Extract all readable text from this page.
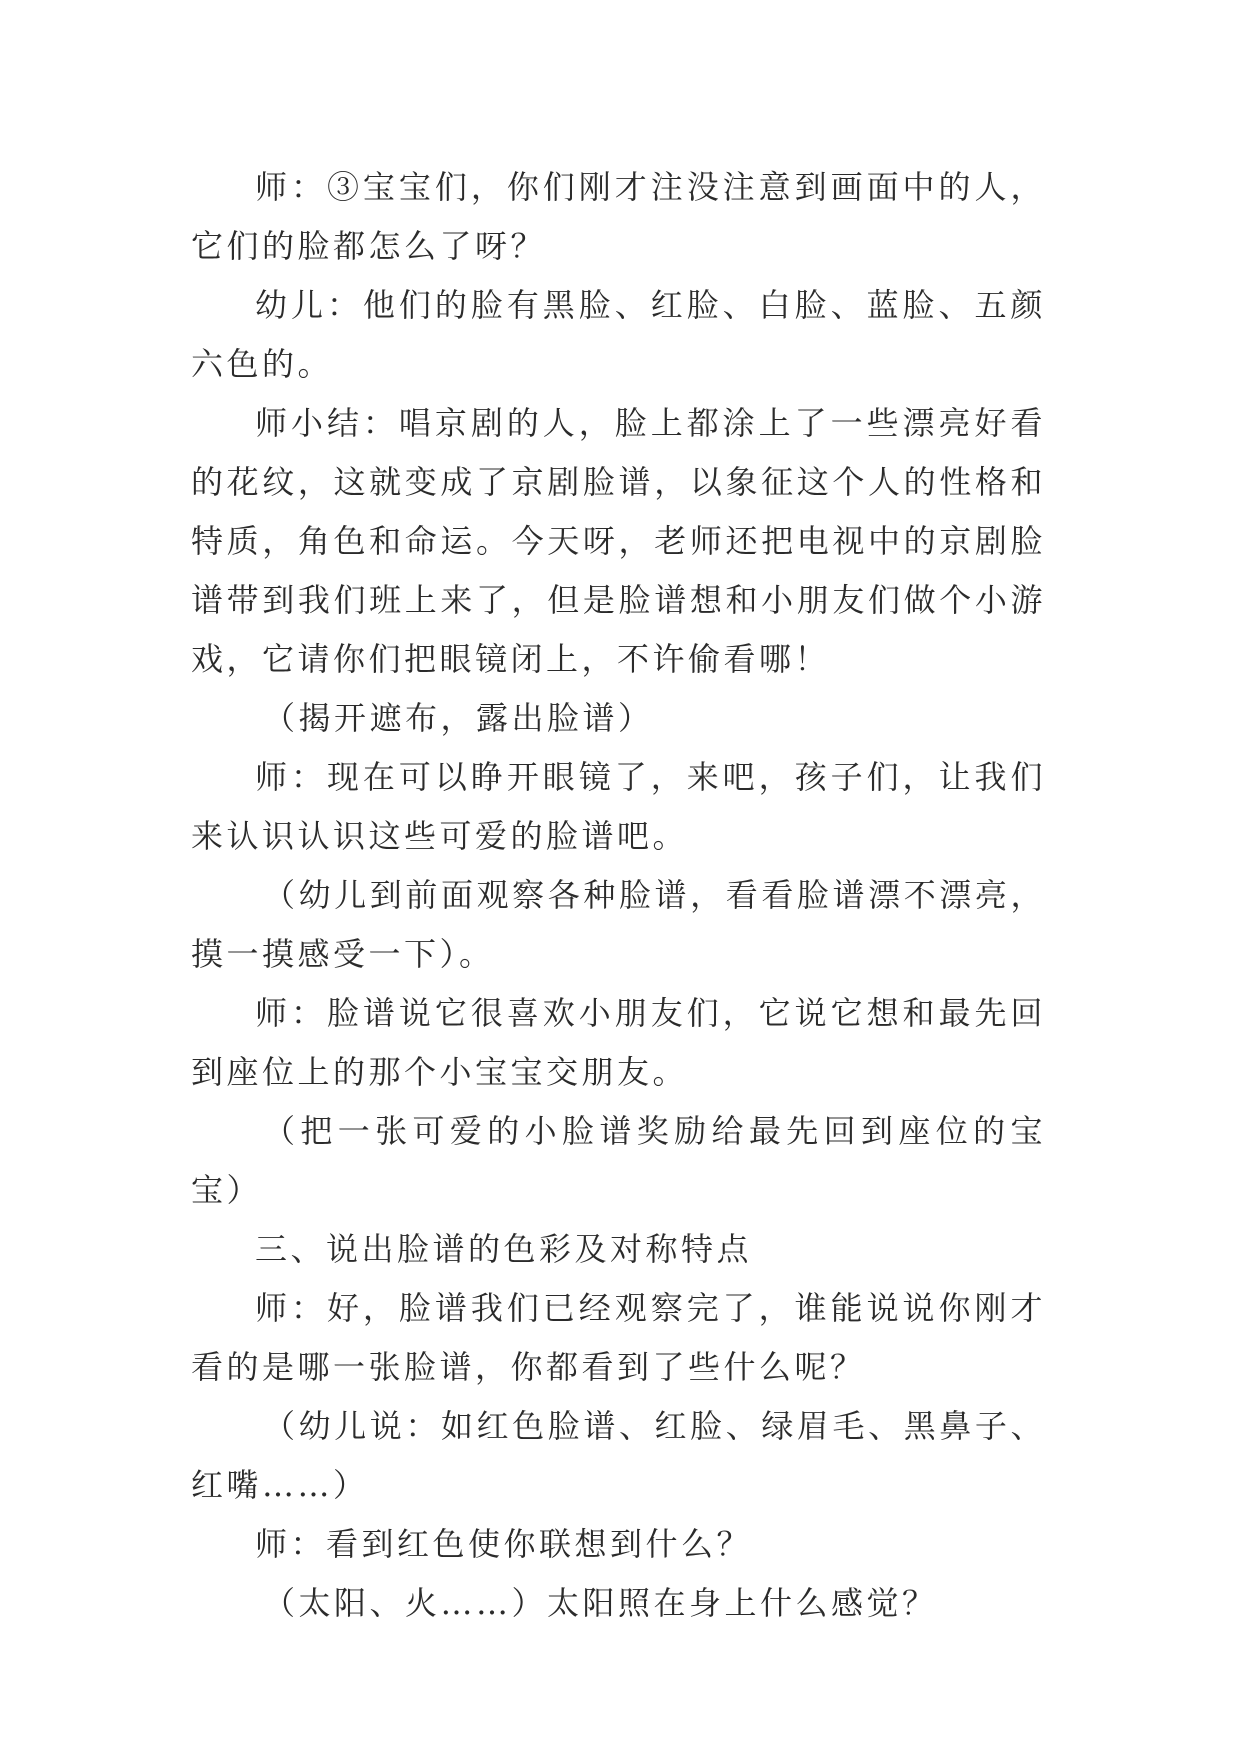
师：③宝宝们，你们刚才注没注意到画面中的人，它们的脸都怎么了呀？

幼儿：他们的脸有黑脸、红脸、白脸、蓝脸、五颜六色的。

师小结：唱京剧的人，脸上都涂上了一些漂亮好看的花纹，这就变成了京剧脸谱，以象征这个人的性格和特质，角色和命运。今天呀，老师还把电视中的京剧脸谱带到我们班上来了，但是脸谱想和小朋友们做个小游戏，它请你们把眼镜闭上，不许偷看哪！

（揭开遮布，露出脸谱）

师：现在可以睁开眼镜了，来吧，孩子们，让我们来认识认识这些可爱的脸谱吧。

（幼儿到前面观察各种脸谱，看看脸谱漂不漂亮，摸一摸感受一下）。

师：脸谱说它很喜欢小朋友们，它说它想和最先回到座位上的那个小宝宝交朋友。

（把一张可爱的小脸谱奖励给最先回到座位的宝宝）

三、说出脸谱的色彩及对称特点

师：好，脸谱我们已经观察完了，谁能说说你刚才看的是哪一张脸谱，你都看到了些什么呢？

（幼儿说：如红色脸谱、红脸、绿眉毛、黑鼻子、红嘴……）

师：看到红色使你联想到什么？

（太阳、火……）太阳照在身上什么感觉？
